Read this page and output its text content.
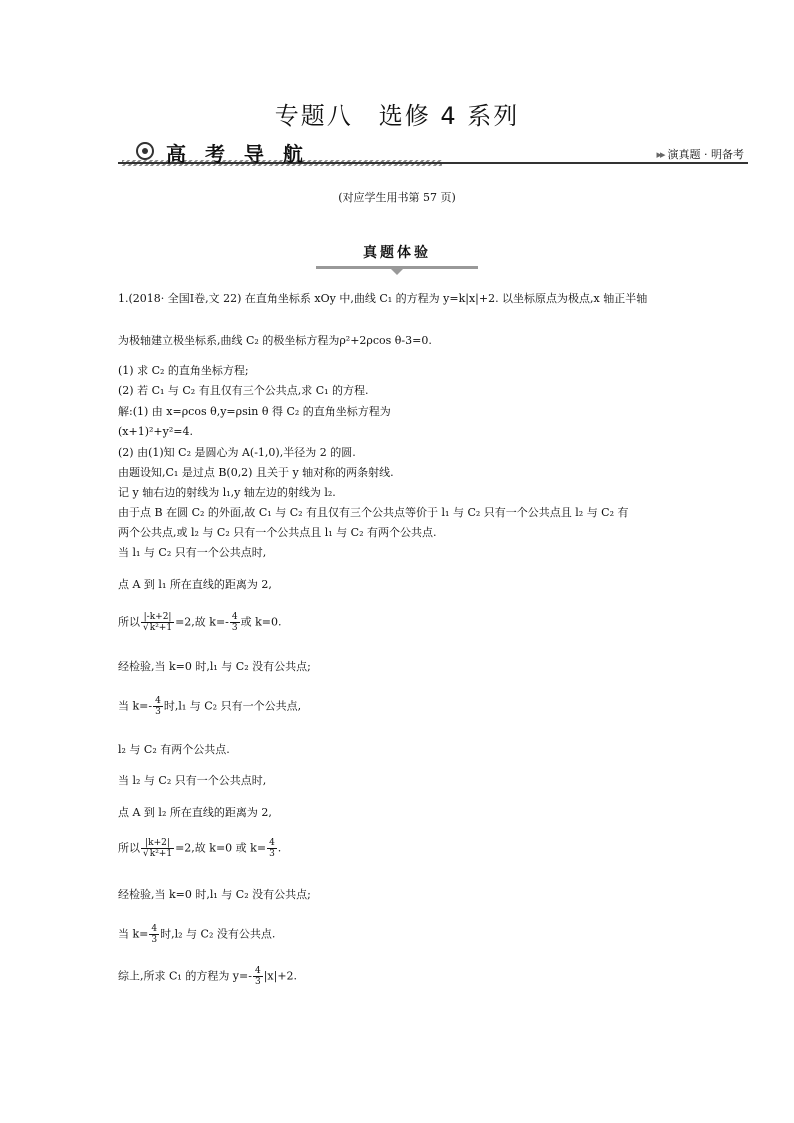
专题八　选修 4 系列
高 考 导 航	▸▸ 演真题 · 明备考
(对应学生用书第 57 页)
真题体验
1.(2018· 全国Ⅰ卷,文 22) 在直角坐标系 xOy 中,曲线 C₁ 的方程为 y=k|x|+2. 以坐标原点为极点,x 轴正半轴
为极轴建立极坐标系,曲线 C₂ 的极坐标方程为ρ²+2ρcos θ-3=0.
(1) 求 C₂ 的直角坐标方程;
(2) 若 C₁ 与 C₂ 有且仅有三个公共点,求 C₁ 的方程.
解:(1) 由 x=ρcos θ,y=ρsin θ 得 C₂ 的直角坐标方程为
(x+1)²+y²=4.
(2) 由(1)知 C₂ 是圆心为 A(-1,0),半径为 2 的圆.
由题设知,C₁ 是过点 B(0,2) 且关于 y 轴对称的两条射线.
记 y 轴右边的射线为 l₁,y 轴左边的射线为 l₂.
由于点 B 在圆 C₂ 的外面,故 C₁ 与 C₂ 有且仅有三个公共点等价于 l₁ 与 C₂ 只有一个公共点且 l₂ 与 C₂ 有
两个公共点,或 l₂ 与 C₂ 只有一个公共点且 l₁ 与 C₂ 有两个公共点.
当 l₁ 与 C₂ 只有一个公共点时,
点 A 到 l₁ 所在直线的距离为 2,
所以 $\frac{|-k+2|}{\text{√k²+1}} =2$,故 $k=- \frac{4}{3}$ 或 k=0.
经检验,当 k=0 时,l₁ 与 C₂ 没有公共点;
当 $k=- \frac{4}{3}$ 时,l₁ 与 C₂ 只有一个公共点,
l₂ 与 C₂ 有两个公共点.
当 l₂ 与 C₂ 只有一个公共点时,
点 A 到 l₂ 所在直线的距离为 2,
所以 $\frac{|k+2|}{\text{√k²+1}} =2$,故 k=0 或 $k= \frac{4}{3}$ .
经检验,当 k=0 时,l₁ 与 C₂ 没有公共点;
当 $k= \frac{4}{3}$ 时,l₂ 与 C₂ 没有公共点.
综上,所求 C₁ 的方程为 $y=- \frac{4}{3} |x|+2$.
